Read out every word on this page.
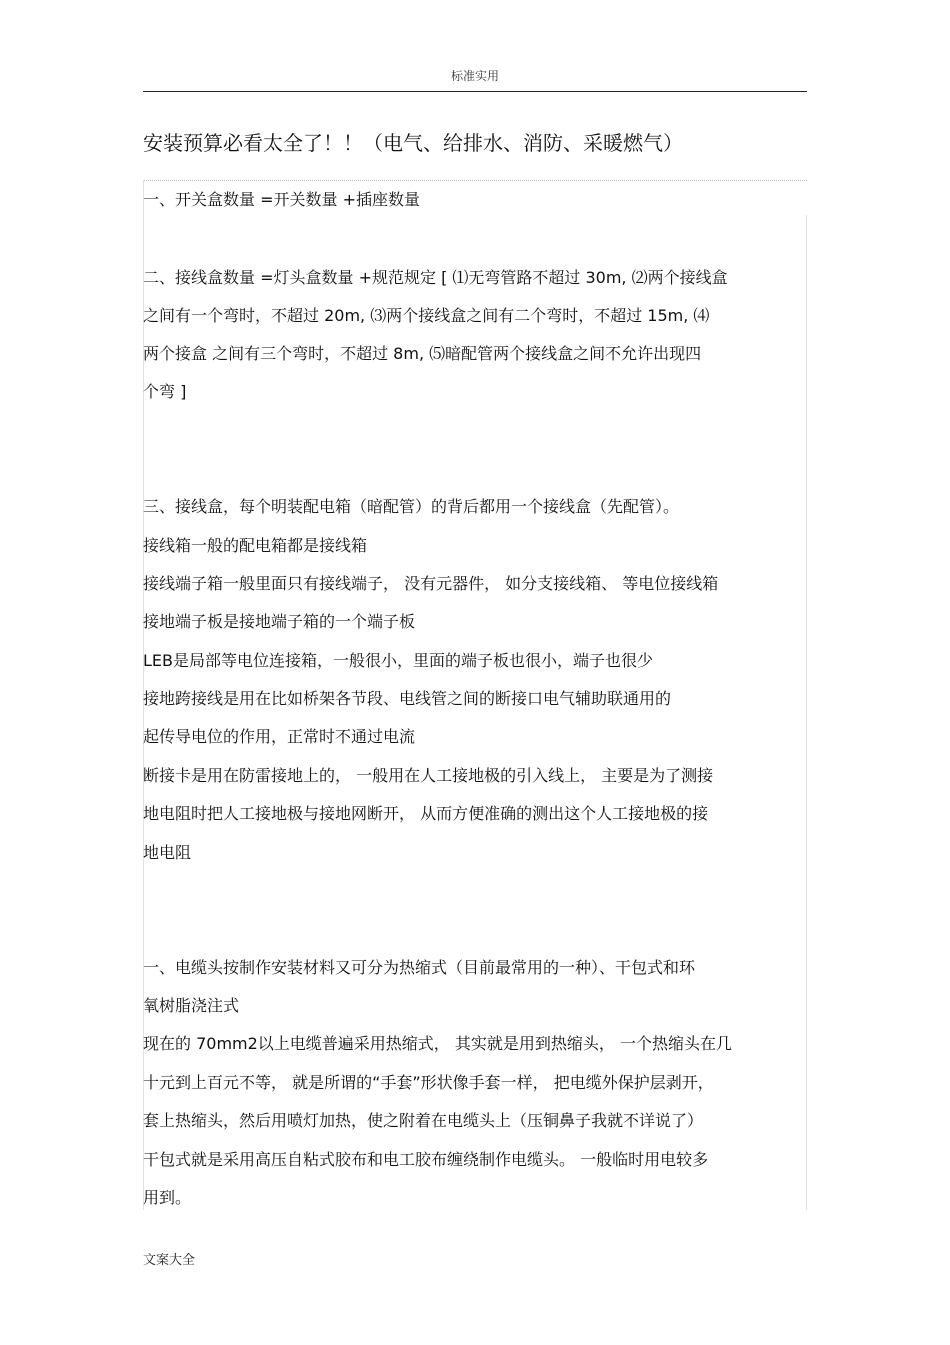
标准实用
安装预算必看太全了！！（电气、给排水、消防、采暖燃气）
一、开关盒数量 =开关数量 +插座数量
二、接线盒数量 =灯头盒数量 +规范规定 [ ⑴无弯管路不超过 30m, ⑵两个接线盒
之间有一个弯时，不超过 20m, ⑶两个接线盒之间有二个弯时，不超过 15m, ⑷
两个接盒 之间有三个弯时，不超过 8m, ⑸暗配管两个接线盒之间不允许出现四
个弯 ]
三、接线盒，每个明装配电箱（暗配管）的背后都用一个接线盒（先配管）。
接线箱一般的配电箱都是接线箱
接线端子箱一般里面只有接线端子， 没有元器件， 如分支接线箱、 等电位接线箱
接地端子板是接地端子箱的一个端子板
LEB是局部等电位连接箱，一般很小，里面的端子板也很小，端子也很少
接地跨接线是用在比如桥架各节段、电线管之间的断接口电气辅助联通用的
起传导电位的作用，正常时不通过电流
断接卡是用在防雷接地上的， 一般用在人工接地极的引入线上， 主要是为了测接
地电阻时把人工接地极与接地网断开， 从而方便准确的测出这个人工接地极的接
地电阻
一、电缆头按制作安装材料又可分为热缩式（目前最常用的一种）、干包式和环
氧树脂浇注式
现在的 70mm2以上电缆普遍采用热缩式， 其实就是用到热缩头， 一个热缩头在几
十元到上百元不等， 就是所谓的“手套”形状像手套一样， 把电缆外保护层剥开，
套上热缩头，然后用喷灯加热，使之附着在电缆头上（压铜鼻子我就不详说了）
干包式就是采用高压自粘式胶布和电工胶布缠绕制作电缆头。 一般临时用电较多
用到。
文案大全
